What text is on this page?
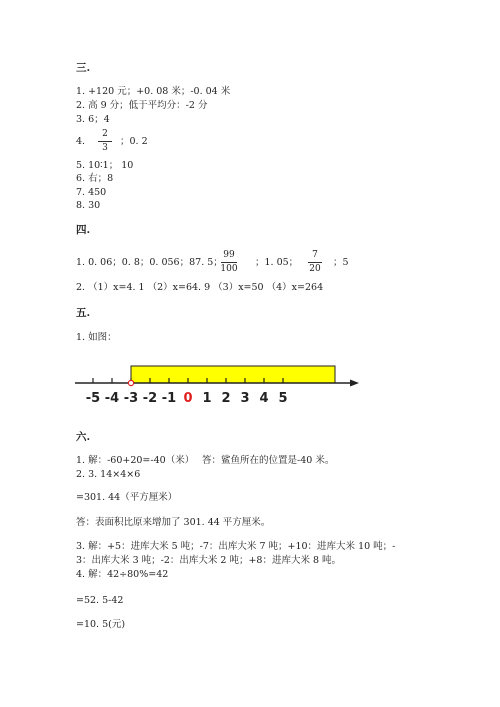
三.
1. +120 元；+0. 08 米；-0. 04 米
2. 高 9 分；低于平均分：-2 分
3. 6；4
4.
2
3
；0. 2
5. 10∶1； 10
6. 右；8
7. 450
8. 30
四.
1. 0. 06；0. 8；0. 056；87. 5；
99
100
；1. 05；
7
20
；5
2. （1）x=4. 1 （2）x=64. 9 （3）x=50 （4）x=264
五.
1. 如图：
-5 -4 -3 -2 -1 0 1 2 3 4 5
六.
1. 解：-60+20=-40（米） 答：鲨鱼所在的位置是-40 米。
2. 3. 14×4×6
=301. 44（平方厘米）
答：表面积比原来增加了 301. 44 平方厘米。
3. 解：+5：进库大米 5 吨；-7：出库大米 7 吨；+10：进库大米 10 吨；-
3：出库大米 3 吨；-2：出库大米 2 吨；+8：进库大米 8 吨。
4. 解：42÷80%=42
=52. 5-42
=10. 5(元)
